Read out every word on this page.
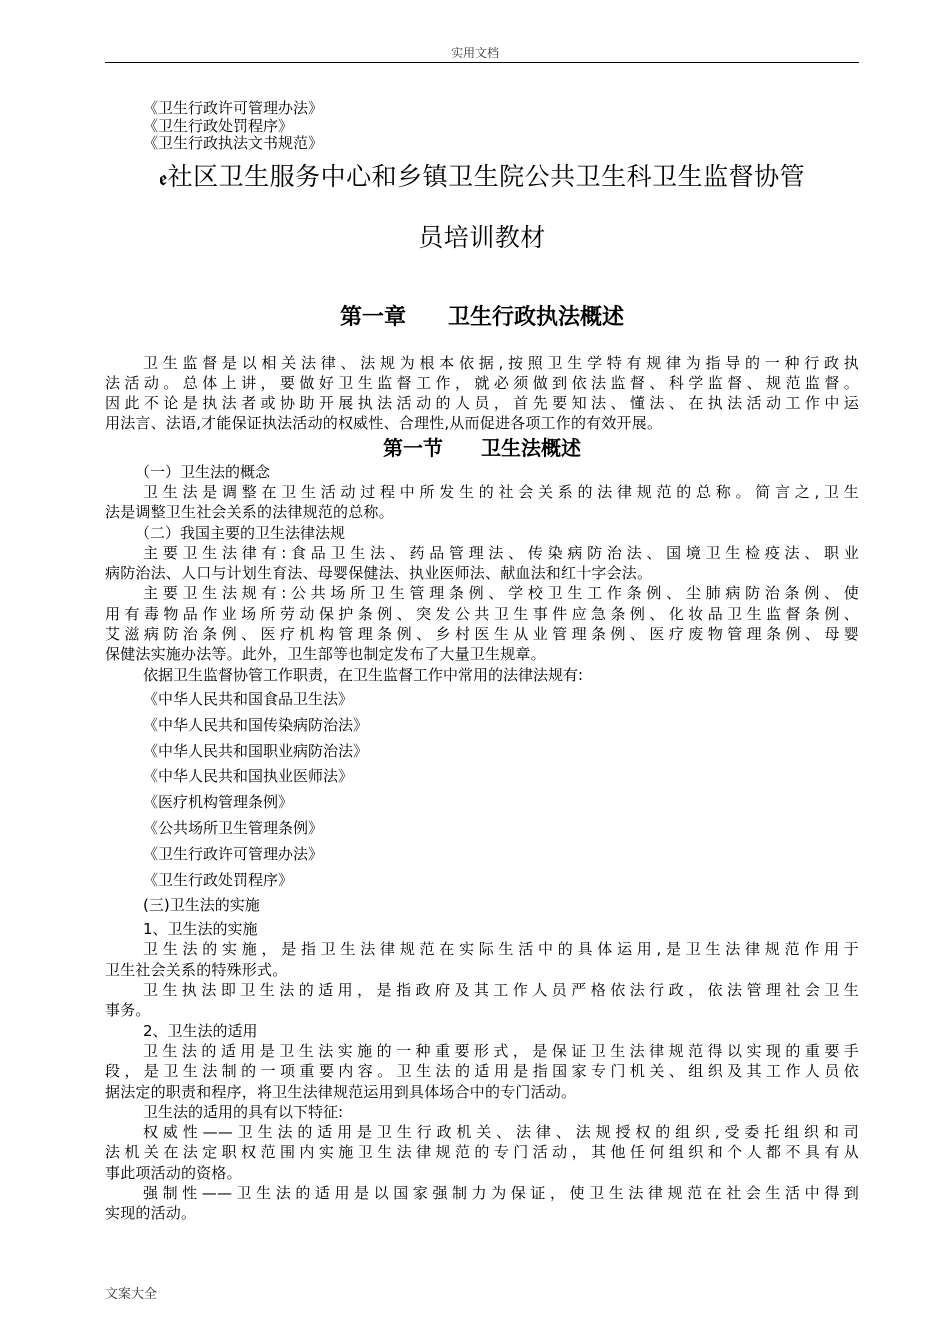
实用文档
《卫生行政许可管理办法》
《卫生行政处罚程序》
《卫生行政执法文书规范》
ꬲ社区卫生服务中心和乡镇卫生院公共卫生科卫生监督协管
员培训教材
第一章 卫生行政执法概述
卫生监督是以相关法律、法规为根本依据,按照卫生学特有规律为指导的一种行政执
法活动。总体上讲，要做好卫生监督工作，就必须做到依法监督、科学监督、规范监督。
因此不论是执法者或协助开展执法活动的人员，首先要知法、懂法、在执法活动工作中运
用法言、法语,才能保证执法活动的权威性、合理性,从而促进各项工作的有效开展。
第一节 卫生法概述
（一）卫生法的概念
卫生法是调整在卫生活动过程中所发生的社会关系的法律规范的总称。简言之,卫生
法是调整卫生社会关系的法律规范的总称。
（二）我国主要的卫生法律法规
主要卫生法律有:食品卫生法、药品管理法、传染病防治法、国境卫生检疫法、职业
病防治法、人口与计划生育法、母婴保健法、执业医师法、献血法和红十字会法。
主要卫生法规有:公共场所卫生管理条例、学校卫生工作条例、尘肺病防治条例、使
用有毒物品作业场所劳动保护条例、突发公共卫生事件应急条例、化妆品卫生监督条例、
艾滋病防治条例、医疗机构管理条例、乡村医生从业管理条例、医疗废物管理条例、母婴
保健法实施办法等。此外，卫生部等也制定发布了大量卫生规章。
依据卫生监督协管工作职责，在卫生监督工作中常用的法律法规有:
《中华人民共和国食品卫生法》
《中华人民共和国传染病防治法》
《中华人民共和国职业病防治法》
《中华人民共和国执业医师法》
《医疗机构管理条例》
《公共场所卫生管理条例》
《卫生行政许可管理办法》
《卫生行政处罚程序》
(三)卫生法的实施
1、卫生法的实施
卫生法的实施，是指卫生法律规范在实际生活中的具体运用,是卫生法律规范作用于
卫生社会关系的特殊形式。
卫生执法即卫生法的适用，是指政府及其工作人员严格依法行政，依法管理社会卫生
事务。
2、卫生法的适用
卫生法的适用是卫生法实施的一种重要形式，是保证卫生法律规范得以实现的重要手
段，是卫生法制的一项重要内容。卫生法的适用是指国家专门机关、组织及其工作人员依
据法定的职责和程序，将卫生法律规范运用到具体场合中的专门活动。
卫生法的适用的具有以下特征:
权威性——卫生法的适用是卫生行政机关、法律、法规授权的组织,受委托组织和司
法机关在法定职权范围内实施卫生法律规范的专门活动，其他任何组织和个人都不具有从
事此项活动的资格。
强制性——卫生法的适用是以国家强制力为保证，使卫生法律规范在社会生活中得到
实现的活动。
文案大全
